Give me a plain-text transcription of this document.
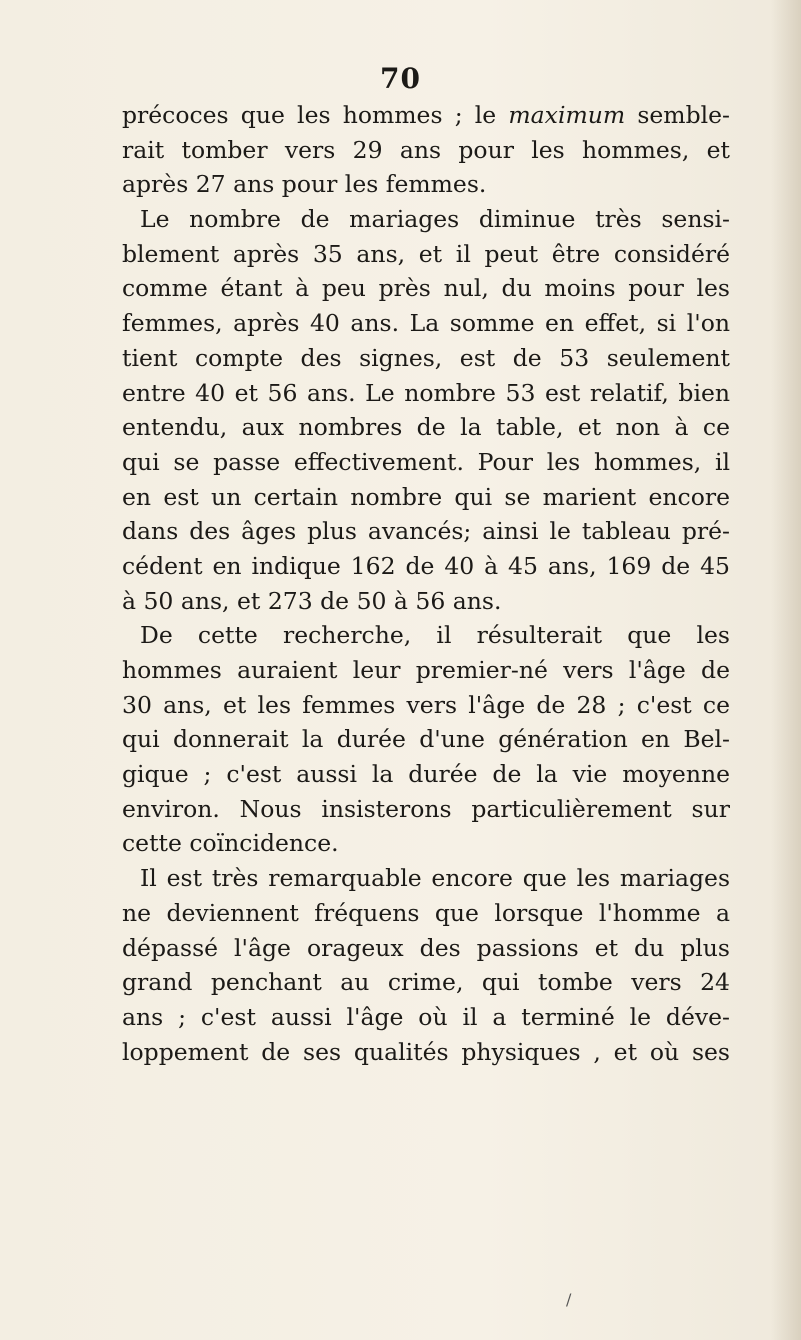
70
précoces que les hommes ; le maximum semble-
rait tomber vers 29 ans pour les hommes, et
après 27 ans pour les femmes.
Le nombre de mariages diminue très sensi-
blement après 35 ans, et il peut être considéré
comme étant à peu près nul, du moins pour les
femmes, après 40 ans. La somme en effet, si l'on
tient compte des signes, est de 53 seulement
entre 40 et 56 ans. Le nombre 53 est relatif, bien
entendu, aux nombres de la table, et non à ce
qui se passe effectivement. Pour les hommes, il
en est un certain nombre qui se marient encore
dans des âges plus avancés; ainsi le tableau pré-
cédent en indique 162 de 40 à 45 ans, 169 de 45
à 50 ans, et 273 de 50 à 56 ans.
De cette recherche, il résulterait que les
hommes auraient leur premier-né vers l'âge de
30 ans, et les femmes vers l'âge de 28 ; c'est ce
qui donnerait la durée d'une génération en Bel-
gique ; c'est aussi la durée de la vie moyenne
environ. Nous insisterons particulièrement sur
cette coïncidence.
Il est très remarquable encore que les mariages
ne deviennent fréquens que lorsque l'homme a
dépassé l'âge orageux des passions et du plus
grand penchant au crime, qui tombe vers 24
ans ; c'est aussi l'âge où il a terminé le déve-
loppement de ses qualités physiques , et où ses
/
